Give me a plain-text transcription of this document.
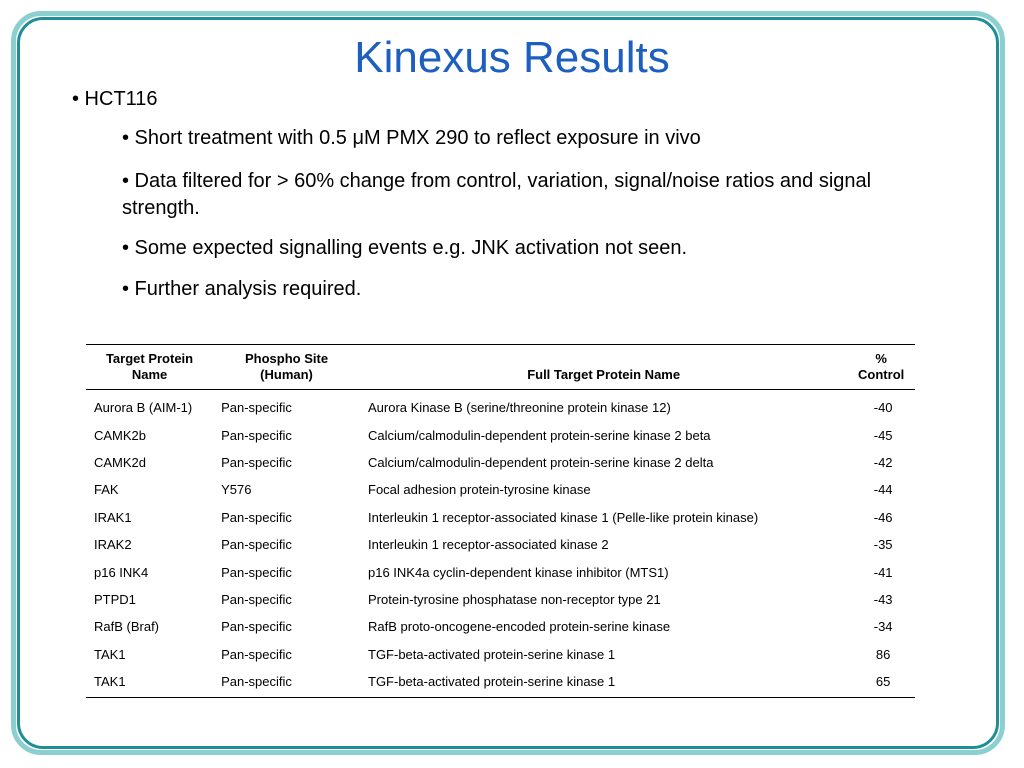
Kinexus Results
• HCT116
• Short treatment with 0.5 μM PMX 290 to reflect exposure in vivo
• Data filtered for > 60% change from control, variation, signal/noise ratios and signal strength.
• Some expected signalling events e.g. JNK activation not seen.
• Further analysis required.
Target Protein Name	Phospho Site (Human)	Full Target Protein Name	% Control
Aurora B (AIM-1)	Pan-specific	Aurora Kinase B (serine/threonine protein kinase 12)	-40
CAMK2b	Pan-specific	Calcium/calmodulin-dependent protein-serine kinase 2 beta	-45
CAMK2d	Pan-specific	Calcium/calmodulin-dependent protein-serine kinase 2 delta	-42
FAK	Y576	Focal adhesion protein-tyrosine kinase	-44
IRAK1	Pan-specific	Interleukin 1 receptor-associated kinase 1 (Pelle-like protein kinase)	-46
IRAK2	Pan-specific	Interleukin 1 receptor-associated kinase 2	-35
p16 INK4	Pan-specific	p16 INK4a cyclin-dependent kinase inhibitor (MTS1)	-41
PTPD1	Pan-specific	Protein-tyrosine phosphatase non-receptor type 21	-43
RafB (Braf)	Pan-specific	RafB proto-oncogene-encoded protein-serine kinase	-34
TAK1	Pan-specific	TGF-beta-activated protein-serine kinase 1	86
TAK1	Pan-specific	TGF-beta-activated protein-serine kinase 1	65
